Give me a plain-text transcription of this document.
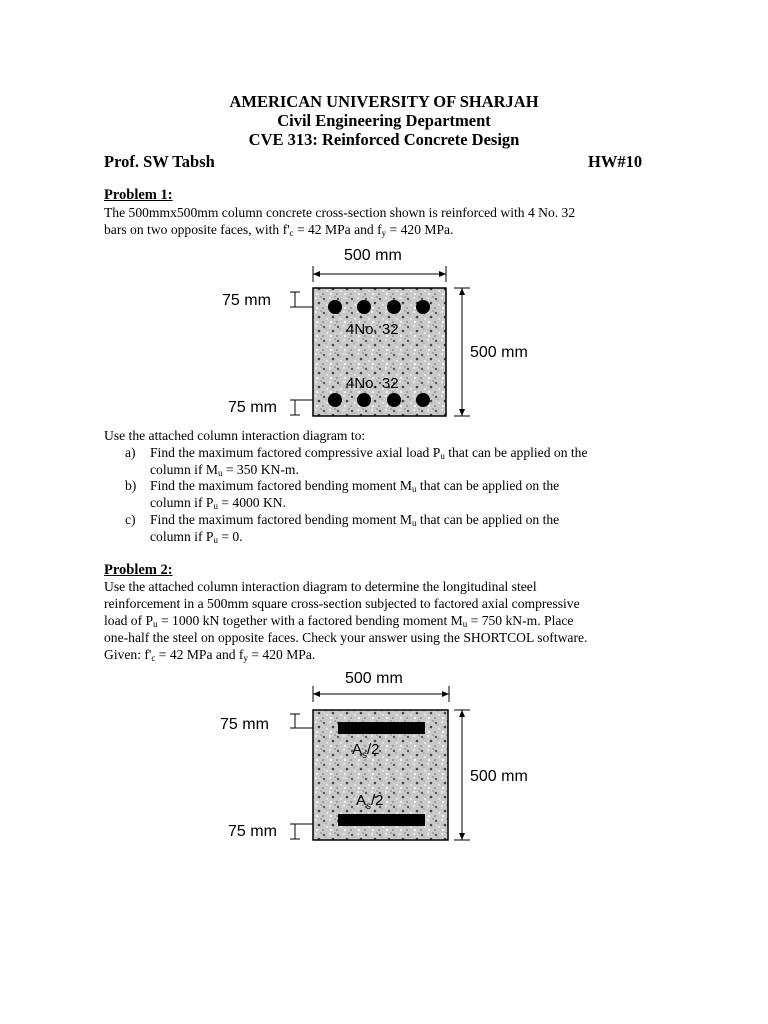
AMERICAN UNIVERSITY OF SHARJAH
Civil Engineering Department
CVE 313: Reinforced Concrete Design
Prof. SW Tabsh	HW#10
Problem 1:
The 500mmx500mm column concrete cross-section shown is reinforced with 4 No. 32
bars on two opposite faces, with $f'_c = 42$ MPa and $f_y = 420$ MPa.
500 mm
4No. 32
4No. 32
500 mm
75 mm
75 mm
Use the attached column interaction diagram to:
a) Find the maximum factored compressive axial load $P_u$ that can be applied on the
column if $M_u = 350$ KN-m.
b) Find the maximum factored bending moment $M_u$ that can be applied on the
column if $P_u = 4000$ KN.
c) Find the maximum factored bending moment $M_u$ that can be applied on the
column if $P_u = 0$.
Problem 2:
Use the attached column interaction diagram to determine the longitudinal steel
reinforcement in a 500mm square cross-section subjected to factored axial compressive
load of $P_u = 1000$ kN together with a factored bending moment $M_u = 750$ kN-m. Place
one-half the steel on opposite faces. Check your answer using the SHORTCOL software.
Given: $f'_c = 42$ MPa and $f_y = 420$ MPa.
500 mm
$A_s/2$
$A_s/2$
500 mm
75 mm
75 mm
